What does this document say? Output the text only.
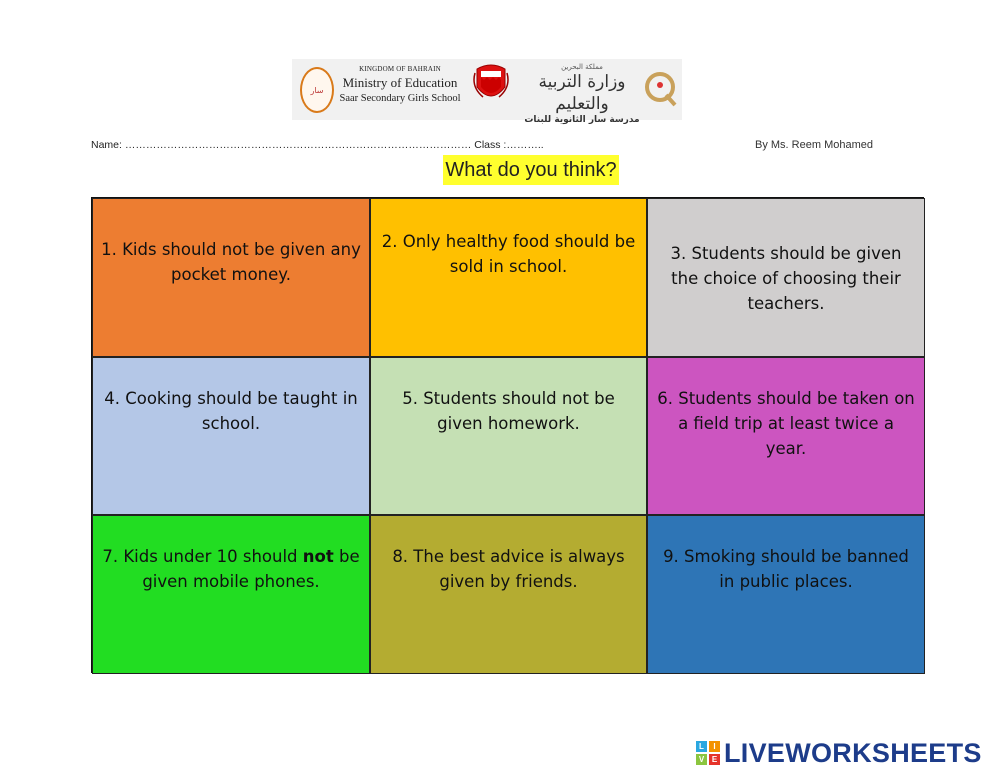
سار
KINGDOM OF BAHRAIN
Ministry of Education
Saar Secondary Girls School
مملكة البحرين
وزارة التربية والتعليم
مدرسة سار الثانوية للبنات
Name: ……………………………………………………………………………………… Class :………..	By Ms. Reem Mohamed
What do you think?

1. Kids should not be given any pocket money.

2. Only healthy food should be sold in school.

3. Students should be given the choice of choosing their teachers.

4. Cooking should be taught in school.

5. Students should not be given homework.

6. Students should be taken on a field trip at least twice a year.

7. Kids under 10 should not be given mobile phones.

8. The best advice is always given by friends.

9. Smoking should be banned in public places.

L	I
V E LIVEWORKSHEETS
